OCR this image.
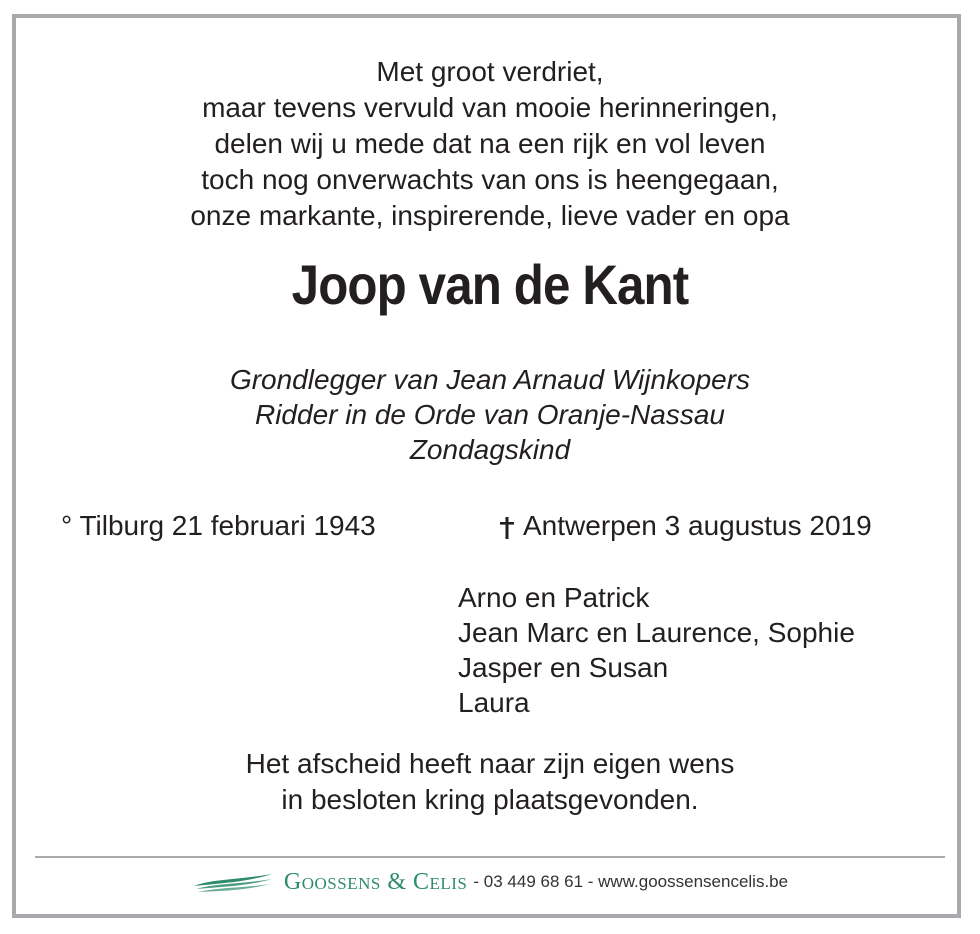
Met groot verdriet,
maar tevens vervuld van mooie herinneringen,
delen wij u mede dat na een rijk en vol leven
toch nog onverwachts van ons is heengegaan,
onze markante, inspirerende, lieve vader en opa
Joop van de Kant
Grondlegger van Jean Arnaud Wijnkopers
Ridder in de Orde van Oranje-Nassau
Zondagskind
° Tilburg 21 februari 1943	Antwerpen 3 augustus 2019
Arno en Patrick
Jean Marc en Laurence, Sophie
Jasper en Susan
Laura
Het afscheid heeft naar zijn eigen wens
in besloten kring plaatsgevonden.
Goossens & Celis - 03 449 68 61 - www.goossensencelis.be
